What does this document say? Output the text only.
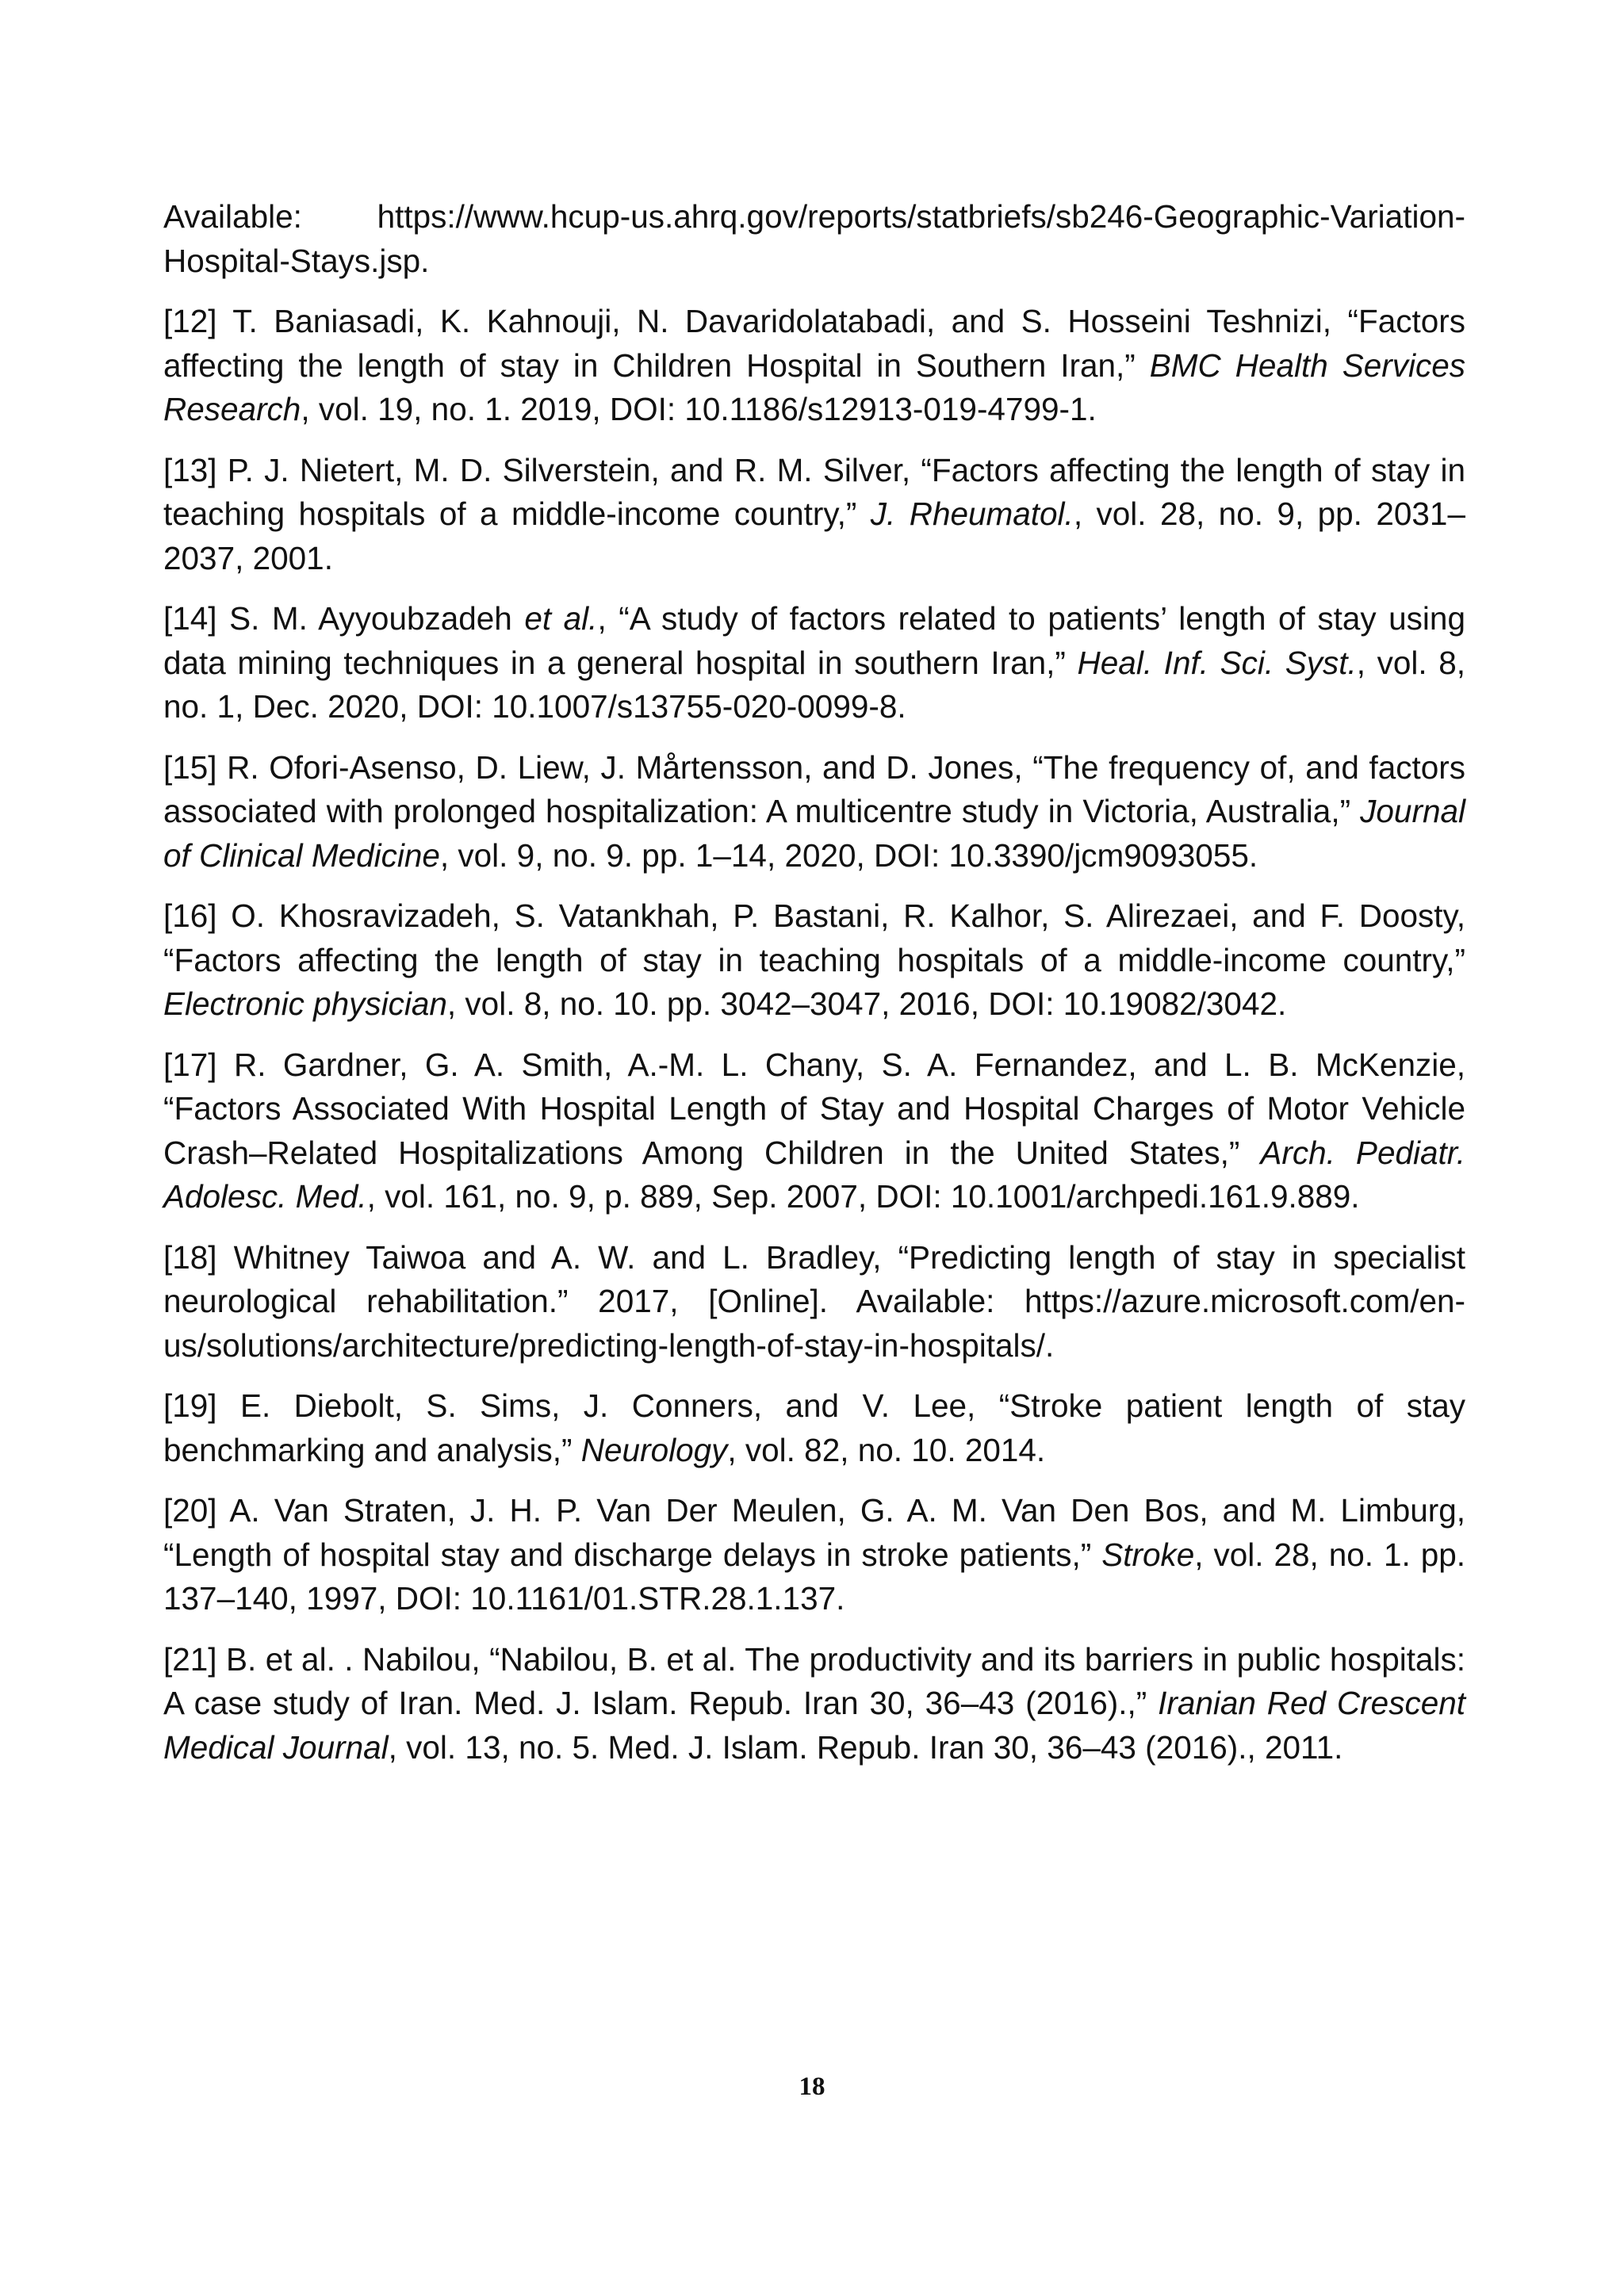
Available: https://www.hcup-us.ahrq.gov/reports/statbriefs/sb246-Geographic-Variation-
Hospital-Stays.jsp.

[12] T. Baniasadi, K. Kahnouji, N. Davaridolatabadi, and S. Hosseini Teshnizi, “Factors affecting the length of stay in Children Hospital in Southern Iran,” BMC Health Services Research, vol. 19, no. 1. 2019, DOI: 10.1186/s12913-019-4799-1.

[13] P. J. Nietert, M. D. Silverstein, and R. M. Silver, “Factors affecting the length of stay in teaching hospitals of a middle-income country,” J. Rheumatol., vol. 28, no. 9, pp. 2031–2037, 2001.

[14] S. M. Ayyoubzadeh et al., “A study of factors related to patients’ length of stay using data mining techniques in a general hospital in southern Iran,” Heal. Inf. Sci. Syst., vol. 8, no. 1, Dec. 2020, DOI: 10.1007/s13755-020-0099-8.

[15] R. Ofori-Asenso, D. Liew, J. Mårtensson, and D. Jones, “The frequency of, and factors associated with prolonged hospitalization: A multicentre study in Victoria, Australia,” Journal of Clinical Medicine, vol. 9, no. 9. pp. 1–14, 2020, DOI: 10.3390/jcm9093055.

[16] O. Khosravizadeh, S. Vatankhah, P. Bastani, R. Kalhor, S. Alirezaei, and F. Doosty, “Factors affecting the length of stay in teaching hospitals of a middle-income country,” Electronic physician, vol. 8, no. 10. pp. 3042–3047, 2016, DOI: 10.19082/3042.

[17] R. Gardner, G. A. Smith, A.-M. L. Chany, S. A. Fernandez, and L. B. McKenzie, “Factors Associated With Hospital Length of Stay and Hospital Charges of Motor Vehicle Crash–Related Hospitalizations Among Children in the United States,” Arch. Pediatr. Adolesc. Med., vol. 161, no. 9, p. 889, Sep. 2007, DOI: 10.1001/archpedi.161.9.889.

[18] Whitney Taiwoa and A. W. and L. Bradley, “Predicting length of stay in specialist neurological rehabilitation.” 2017, [Online]. Available: https://azure.microsoft.com/en-us/solutions/architecture/predicting-length-of-stay-in-hospitals/.

[19] E. Diebolt, S. Sims, J. Conners, and V. Lee, “Stroke patient length of stay benchmarking and analysis,” Neurology, vol. 82, no. 10. 2014.

[20] A. Van Straten, J. H. P. Van Der Meulen, G. A. M. Van Den Bos, and M. Limburg, “Length of hospital stay and discharge delays in stroke patients,” Stroke, vol. 28, no. 1. pp. 137–140, 1997, DOI: 10.1161/01.STR.28.1.137.

[21] B. et al. . Nabilou, “Nabilou, B. et al. The productivity and its barriers in public hospitals: A case study of Iran. Med. J. Islam. Repub. Iran 30, 36–43 (2016).,” Iranian Red Crescent Medical Journal, vol. 13, no. 5. Med. J. Islam. Repub. Iran 30, 36–43 (2016)., 2011.

18
